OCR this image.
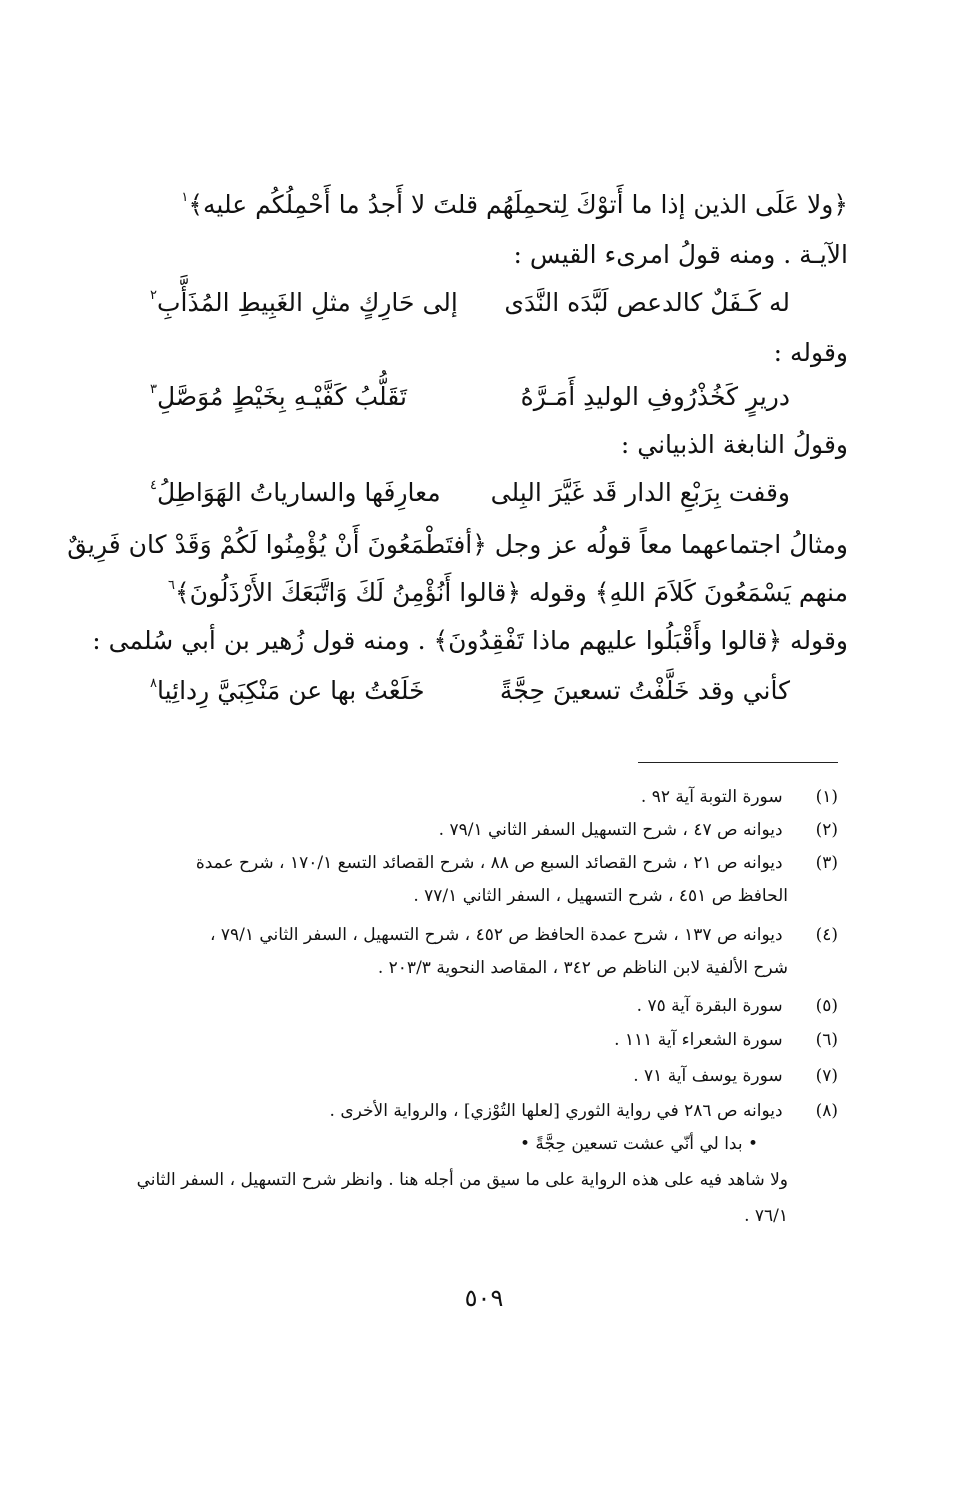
﴿ولا عَلَى الذين إذا ما أَتوْكَ لِتحمِلَهُم قلتَ لا أَجدُ ما أَحْمِلُكُم عليه﴾$^١$
الآيـة . ومنه قولُ امرىء القيس :
له كَـفَلٌ كالدعص لَبَّدَه النَّدَى
إلى حَارِكٍ مثلِ الغَبِيطِ المُذَأَّبِ$^٢$
وقوله :
دريرٍ كَخُذْرُوفِ الوليدِ أَمَـرَّهُ
تَقَلُّبُ كَفَّيْـهِ بِخَيْطٍ مُوَصَّلِ$^٣$
وقولُ النابغة الذبياني :
وقفت بِرَبْعِ الدار قَد غَيَّرَ البِلى
معارِفَها والسارياتُ الهَوَاطِلُ$^٤$
ومثالُ اجتماعهما معاً قولُه عز وجل ﴿أفتَطْمَعُونَ أَنْ يُؤْمِنُوا لَكُمْ وَقَدْ كان فَرِيقٌ
منهم يَسْمَعُونَ كَلاَمَ اللهِ﴾ وقوله ﴿قالوا أَنُؤْمِنُ لَكَ وَاتَّبَعَكَ الأَرْذَلُونَ﴾$^٦$
وقوله ﴿قالوا وأَقْبَلُوا عليهم ماذا تَفْقِدُونَ﴾ . ومنه قول زُهير بن أبي سُلمى :
كأني وقد خَلَّفْتُ تسعينَ حِجَّةً
خَلَعْتُ بها عن مَنْكِبَيَّ رِدائِيا$^٨$
(١) سورة التوبة آية ٩٢ .
(٢) ديوانه ص ٤٧ ، شرح التسهيل السفر الثاني ٧٩/١ .
(٣) ديوانه ص ٢١ ، شرح القصائد السبع ص ٨٨ ، شرح القصائد التسع ١٧٠/١ ، شرح عمدة
الحافظ ص ٤٥١ ، شرح التسهيل ، السفر الثاني ٧٧/١ .
(٤) ديوانه ص ١٣٧ ، شرح عمدة الحافظ ص ٤٥٢ ، شرح التسهيل ، السفر الثاني ٧٩/١ ،
شرح الألفية لابن الناظم ص ٣٤٢ ، المقاصد النحوية ٢٠٣/٣ .
(٥) سورة البقرة آية ٧٥ .
(٦) سورة الشعراء آية ١١١ .
(٧) سورة يوسف آية ٧١ .
(٨) ديوانه ص ٢٨٦ في رواية الثوري [لعلها التُوْزي] ، والرواية الأخرى .
• بدا لي أنّي عشت تسعين حِجَّةً •
ولا شاهد فيه على هذه الرواية على ما سيق من أجله هنا . وانظر شرح التسهيل ، السفر الثاني
٧٦/١ .
٥٠٩
